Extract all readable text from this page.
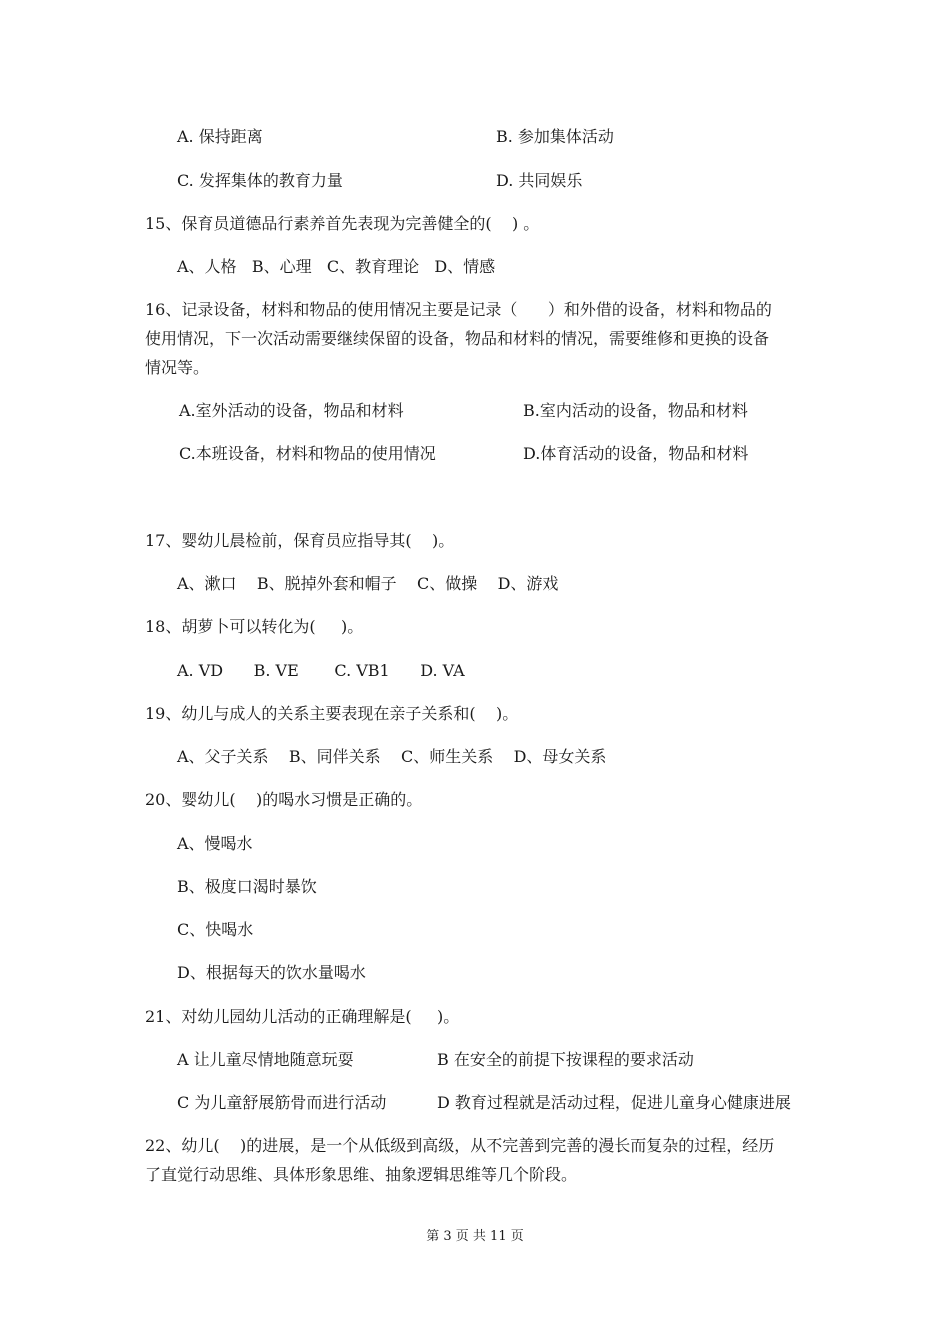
A. 保持距离	B. 参加集体活动
C. 发挥集体的教育力量	D. 共同娱乐
15、保育员道德品行素养首先表现为完善健全的(    ) 。
A、人格   B、心理   C、教育理论   D、情感
16、记录设备，材料和物品的使用情况主要是记录（      ）和外借的设备，材料和物品的
使用情况，下一次活动需要继续保留的设备，物品和材料的情况，需要维修和更换的设备
情况等。
A.室外活动的设备，物品和材料	B.室内活动的设备，物品和材料
C.本班设备，材料和物品的使用情况	D.体育活动的设备，物品和材料
17、婴幼儿晨检前，保育员应指导其(    )。
A、漱口    B、脱掉外套和帽子    C、做操    D、游戏
18、胡萝卜可以转化为(     )。
A. VD      B. VE       C. VB1      D. VA
19、幼儿与成人的关系主要表现在亲子关系和(    )。
A、父子关系    B、同伴关系    C、师生关系    D、母女关系
20、婴幼儿(    )的喝水习惯是正确的。
A、慢喝水
B、极度口渴时暴饮
C、快喝水
D、根据每天的饮水量喝水
21、对幼儿园幼儿活动的正确理解是(     )。
A 让儿童尽情地随意玩耍	B 在安全的前提下按课程的要求活动
C 为儿童舒展筋骨而进行活动	D 教育过程就是活动过程，促进儿童身心健康进展
22、幼儿(    )的进展，是一个从低级到高级，从不完善到完善的漫长而复杂的过程，经历
了直觉行动思维、具体形象思维、抽象逻辑思维等几个阶段。
第 3 页 共 11 页
